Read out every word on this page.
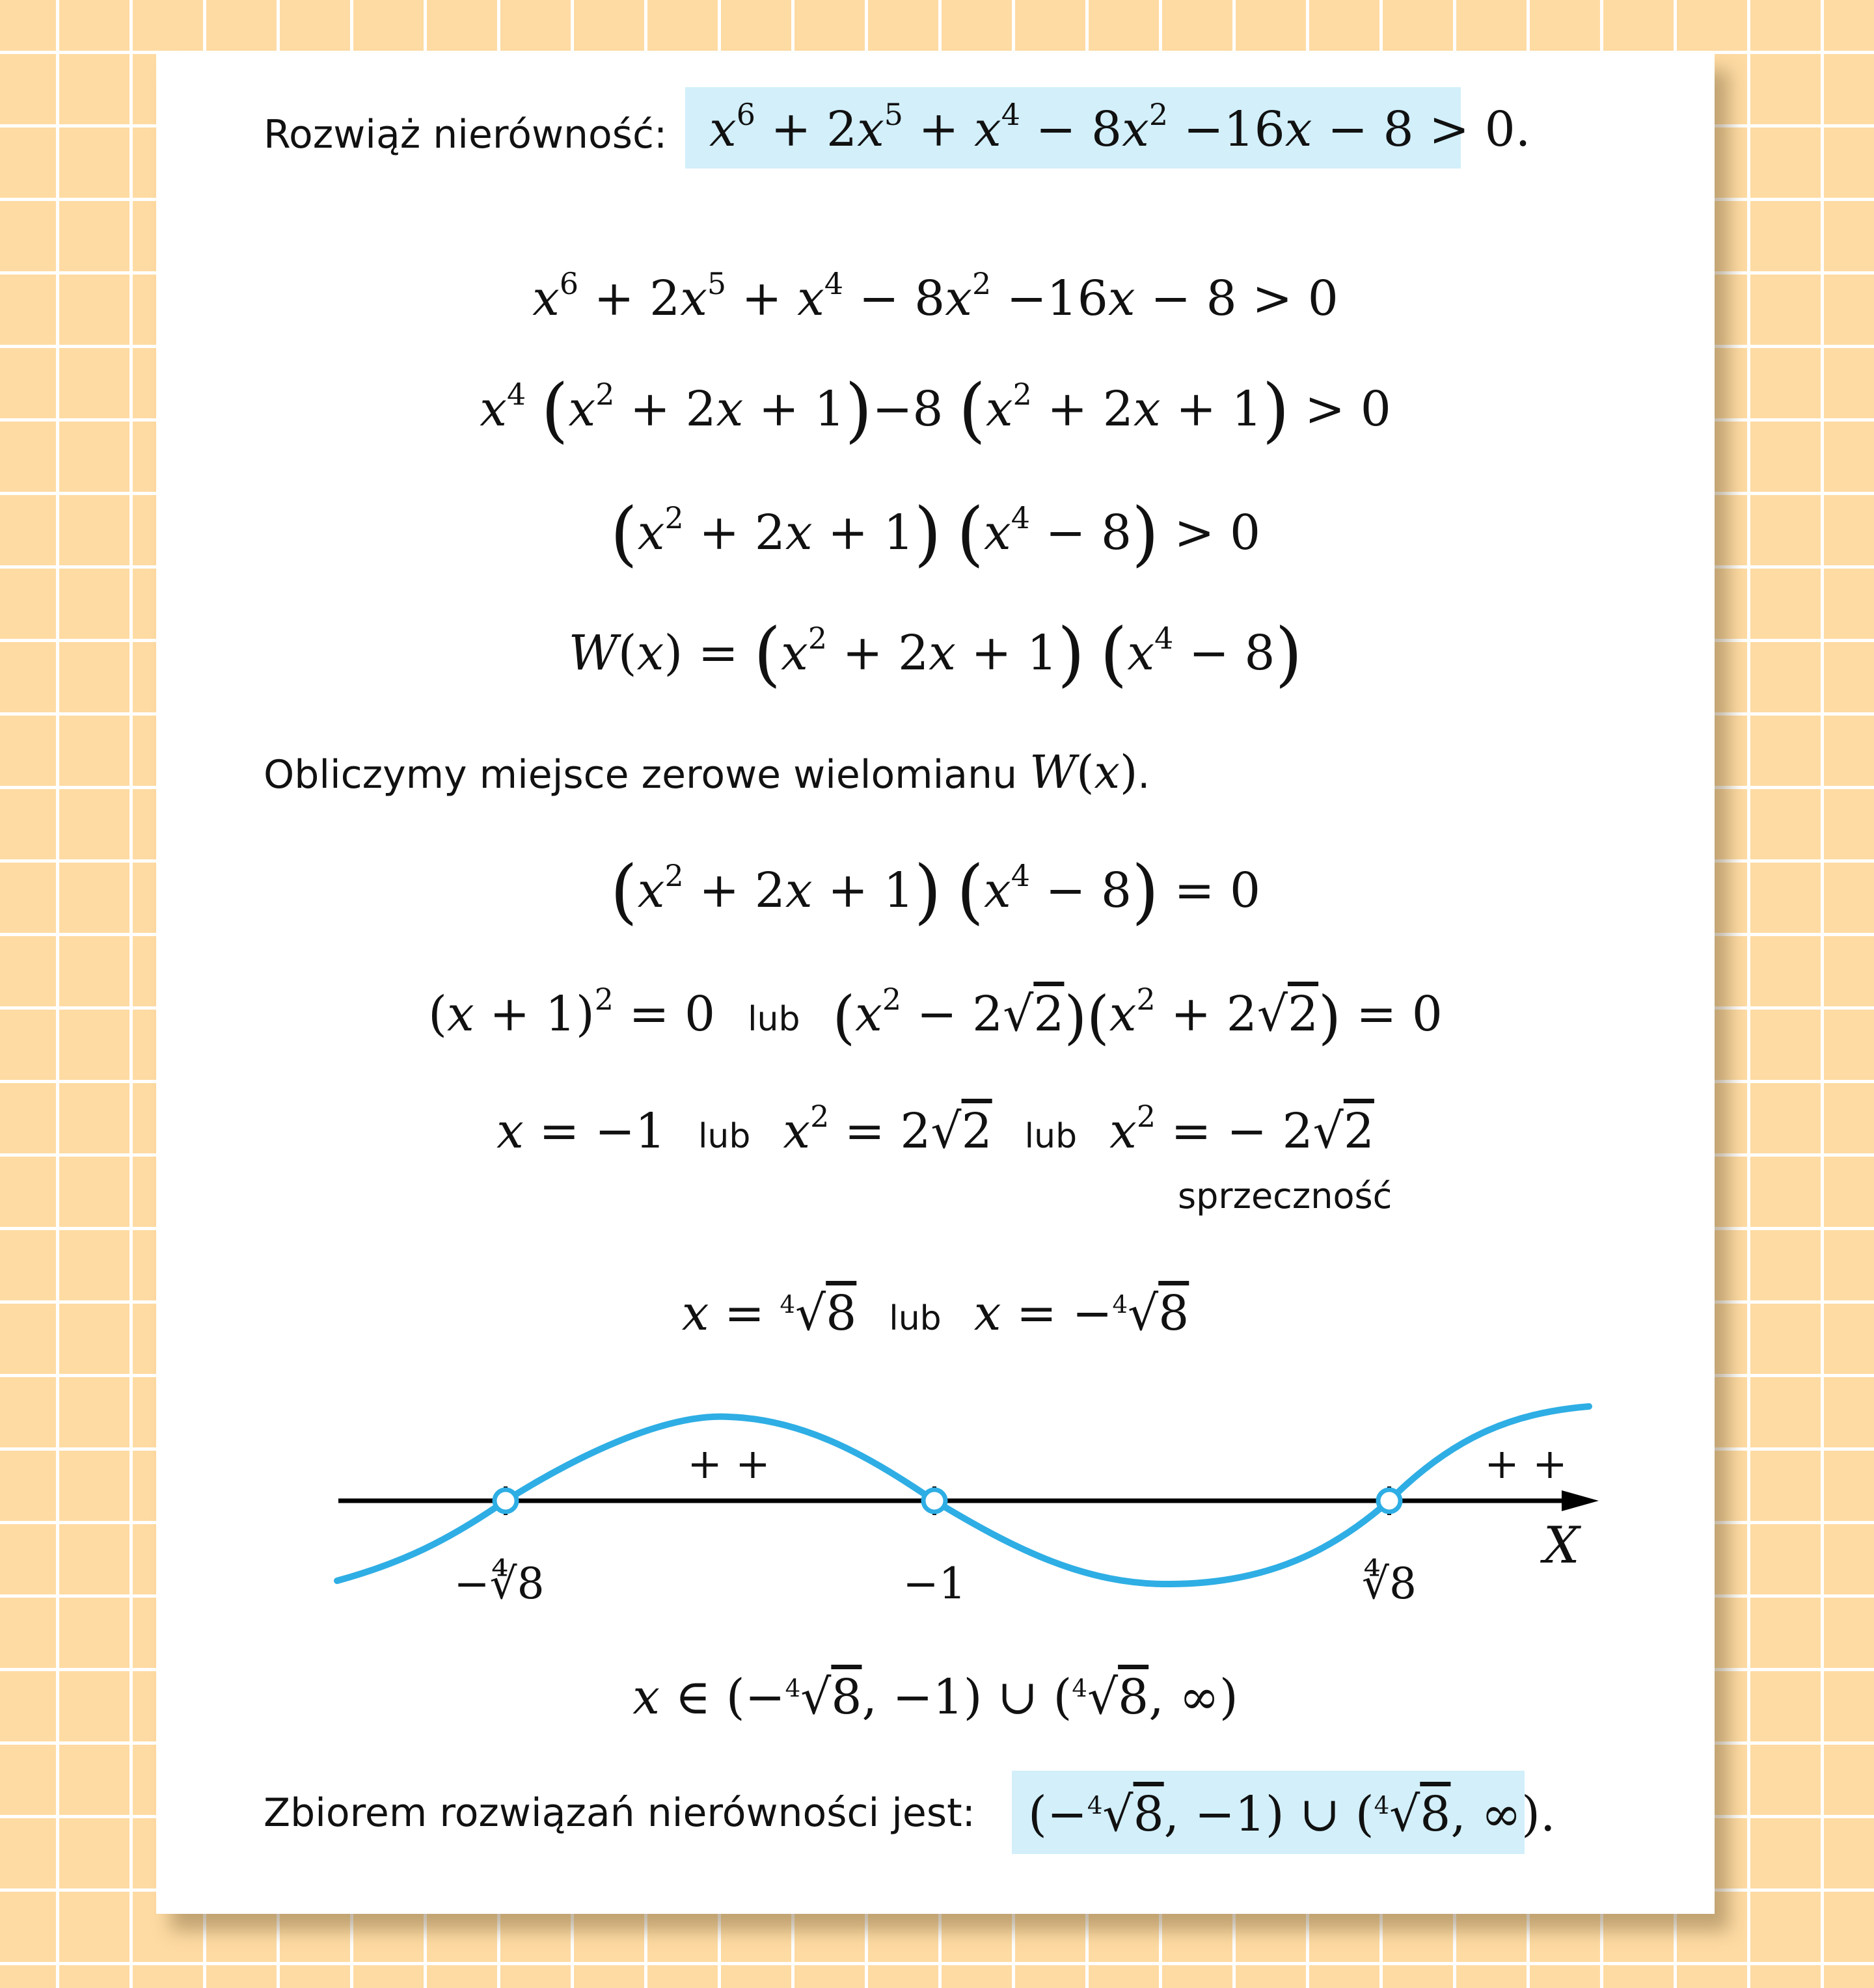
Rozwiąż nierówność: $x^6 + 2x^5 + x^4 - 8x^2 -16x - 8 > 0$.
$x^6 + 2x^5 + x^4 - 8x^2 -16x - 8 > 0$
$x^4$ $(x^2 + 2x + 1)-8$ $(x^2 + 2x + 1) > 0$
$(x^2 + 2x + 1) (x^4 - 8) > 0$
$W(x) = (x^2 + 2x + 1) (x^4 - 8)$
Obliczymy miejsce zerowe wielomianu W(x).
$(x^2 + 2x + 1) (x^4 - 8) = 0$
$(x + 1)^2 = 0$ lub $(x^2 - 2√2)(x^2 + 2√2) = 0$
x = −1 lub $x^2 = 2√2$ lub $x^2$ = − 2√2
sprzeczność
x = $^4$√8 lub x = −$^4$√8
X
−∜8	−1	∜8
+ +	+ +
x ∈ (−$^4$√8, −1) ∪ ($^4$√8, ∞)
Zbiorem rozwiązań nierówności jest: (−$^4$√8, −1) ∪ ($^4$√8, ∞).
